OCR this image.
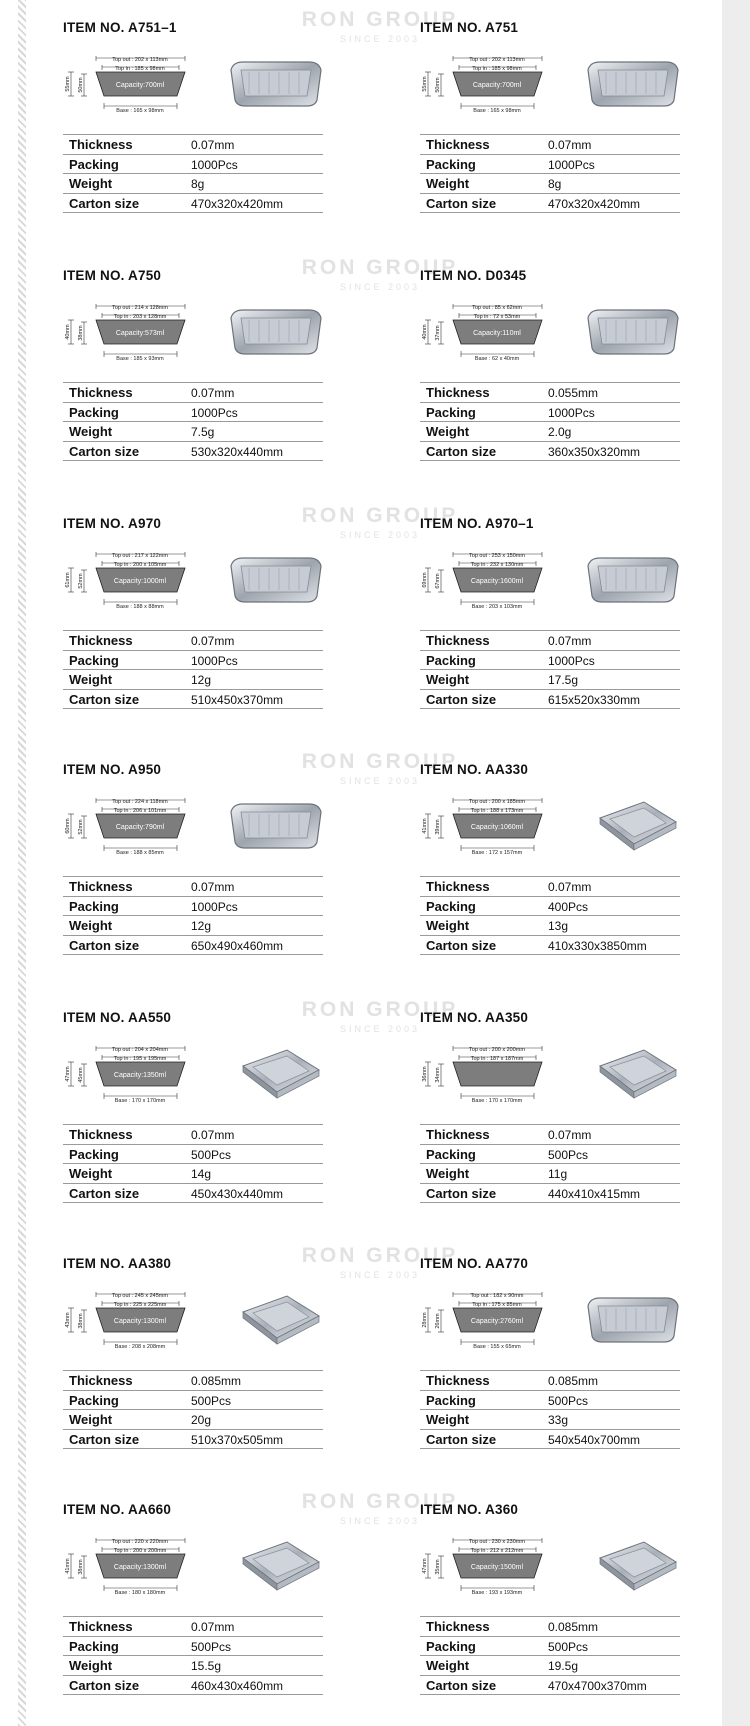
RON GROUP
SINCE 2003
RON GROUP
SINCE 2003
RON GROUP
SINCE 2003
RON GROUP
SINCE 2003
RON GROUP
SINCE 2003
RON GROUP
SINCE 2003
RON GROUP
SINCE 2003
ITEM NO. A751–1
Top out : 202 x 113mm
Top in : 185 x 98mm
Capacity:700ml
Base : 165 x 98mm
55mm 50mm
Thickness	0.07mm
Packing	1000Pcs
Weight	8g
Carton size	470x320x420mm
ITEM NO. A751
Top out : 202 x 113mm
Top in : 185 x 98mm
Capacity:700ml
Base : 165 x 98mm
55mm 50mm
Thickness	0.07mm
Packing	1000Pcs
Weight	8g
Carton size	470x320x420mm
ITEM NO. A750
Top out : 214 x 128mm
Top in : 203 x 128mm
Capacity:573ml
Base : 185 x 93mm
40mm 38mm
Thickness	0.07mm
Packing	1000Pcs
Weight	7.5g
Carton size	530x320x440mm
ITEM NO. D0345
Top out : 85 x 62mm
Top in : 72 x 53mm
Capacity:110ml
Base : 62 x 40mm
40mm 37mm
Thickness	0.055mm
Packing	1000Pcs
Weight	2.0g
Carton size	360x350x320mm
ITEM NO. A970
Top out : 217 x 122mm
Top in : 200 x 105mm
Capacity:1000ml
Base : 188 x 88mm
61mm 52mm
Thickness	0.07mm
Packing	1000Pcs
Weight	12g
Carton size	510x450x370mm
ITEM NO. A970–1
Top out : 253 x 150mm
Top in : 232 x 130mm
Capacity:1600ml
Base : 203 x 103mm
69mm 67mm
Thickness	0.07mm
Packing	1000Pcs
Weight	17.5g
Carton size	615x520x330mm
ITEM NO. A950
Top out : 224 x 118mm
Top in : 206 x 101mm
Capacity:790ml
Base : 188 x 85mm
60mm 52mm
Thickness	0.07mm
Packing	1000Pcs
Weight	12g
Carton size	650x490x460mm
ITEM NO. AA330
Top out : 200 x 185mm
Top in : 188 x 173mm
Capacity:1060ml
Base : 172 x 157mm
41mm 39mm
Thickness	0.07mm
Packing	400Pcs
Weight	13g
Carton size	410x330x3850mm
ITEM NO. AA550
Top out : 204 x 204mm
Top in : 195 x 195mm
Capacity:1350ml
Base : 170 x 170mm
47mm 45mm
Thickness	0.07mm
Packing	500Pcs
Weight	14g
Carton size	450x430x440mm
ITEM NO. AA350
Top out : 200 x 200mm
Top in : 187 x 187mm
Base : 170 x 170mm
36mm 34mm
Thickness	0.07mm
Packing	500Pcs
Weight	11g
Carton size	440x410x415mm
ITEM NO. AA380
Top out : 245 x 245mm
Top in : 225 x 225mm
Capacity:1300ml
Base : 208 x 208mm
43mm 38mm
Thickness	0.085mm
Packing	500Pcs
Weight	20g
Carton size	510x370x505mm
ITEM NO. AA770
Top out : 182 x 90mm
Top in : 175 x 85mm
Capacity:2760ml
Base : 155 x 65mm
28mm 26mm
Thickness	0.085mm
Packing	500Pcs
Weight	33g
Carton size	540x540x700mm
ITEM NO. AA660
Top out : 220 x 220mm
Top in : 200 x 200mm
Capacity:1300ml
Base : 180 x 180mm
41mm 38mm
Thickness	0.07mm
Packing	500Pcs
Weight	15.5g
Carton size	460x430x460mm
ITEM NO. A360
Top out : 230 x 230mm
Top in : 212 x 212mm
Capacity:1500ml
Base : 193 x 193mm
47mm 35mm
Thickness	0.085mm
Packing	500Pcs
Weight	19.5g
Carton size	470x4700x370mm
